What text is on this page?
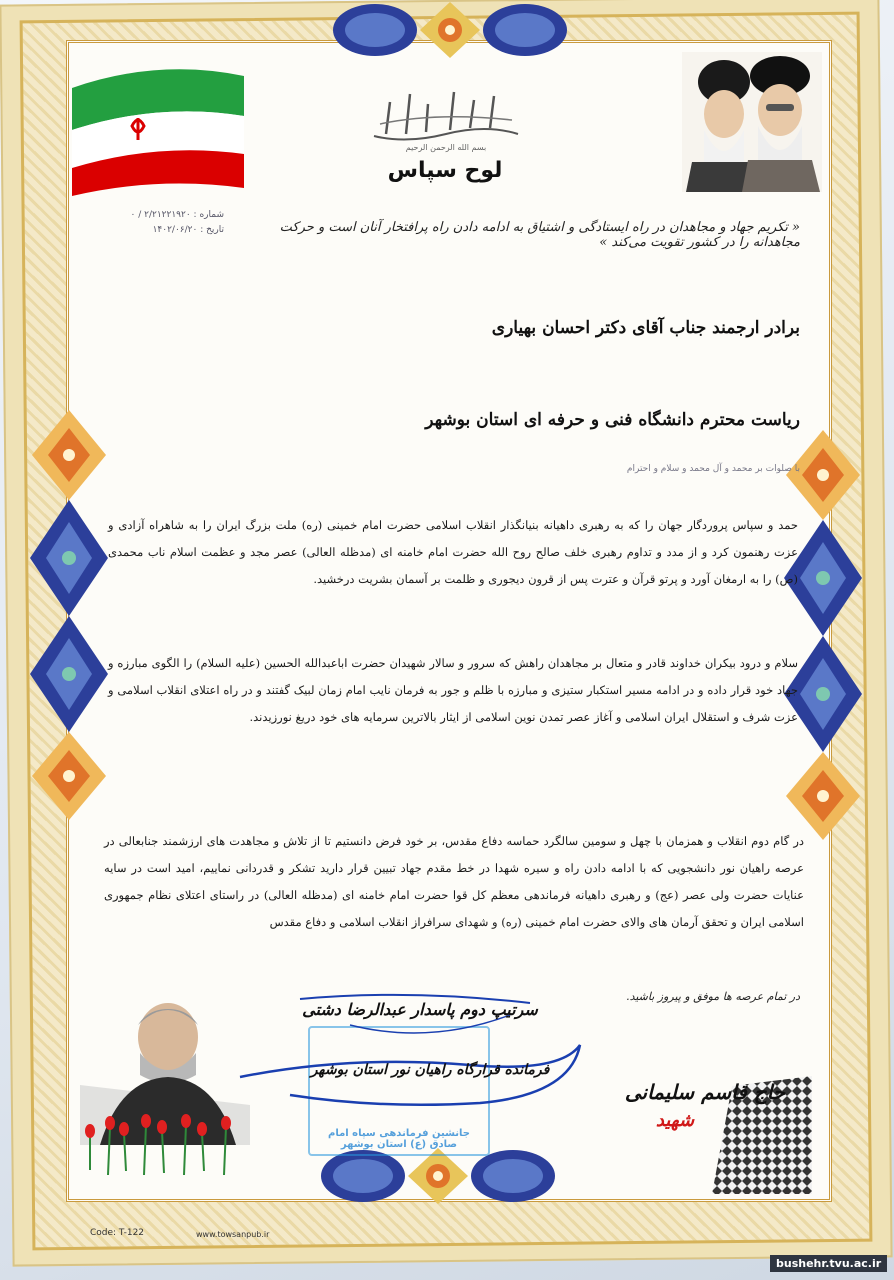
بسم الله الرحمن الرحیم
لوح سپاس
شماره : ۲/۲۱۲۲۱۹۲۰ / ۰
تاریخ : ۱۴۰۲/۰۶/۲۰	« تکریم جهاد و مجاهدان در راه ایستادگی و اشتیاق به ادامه دادن راه پرافتخار آنان است و حرکت مجاهدانه را در کشور تقویت می‌کند »
برادر ارجمند جناب آقای دکتر احسان بهیاری
ریاست محترم دانشگاه فنی و حرفه ای استان بوشهر
با صلوات بر محمد و آل محمد و سلام و احترام
حمد و سپاس پروردگار جهان را که به رهبری داهیانه بنیانگذار انقلاب اسلامی حضرت امام خمینی (ره) ملت بزرگ ایران را به شاهراه آزادی و عزت رهنمون کرد و از مدد و تداوم رهبری خلف صالح روح الله حضرت امام خامنه ای (مدظله العالی) عصر مجد و عظمت اسلام ناب محمدی (ص) را به ارمغان آورد و پرتو قرآن و عترت پس از قرون دیجوری و ظلمت بر آسمان بشریت درخشید.
سلام و درود بیکران خداوند قادر و متعال بر مجاهدان راهش که سرور و سالار شهیدان حضرت اباعبدالله الحسین (علیه السلام) را الگوی مبارزه و جهاد خود قرار داده و در ادامه مسیر استکبار ستیزی و مبارزه با ظلم و جور به فرمان نایب امام زمان لبیک گفتند و در راه اعتلای انقلاب اسلامی و عزت شرف و استقلال ایران اسلامی و آغاز عصر تمدن نوین اسلامی از ایثار بالاترین سرمایه های خود دریغ نورزیدند.
در گام دوم انقلاب و همزمان با چهل و سومین سالگرد حماسه دفاع مقدس، بر خود فرض دانستیم تا از تلاش و مجاهدت های ارزشمند جنابعالی در عرصه راهیان نور دانشجویی که با ادامه دادن راه و سیره شهدا در خط مقدم جهاد تبیین قرار دارید تشکر و قدردانی نماییم، امید است در سایه عنایات حضرت ولی عصر (عج) و رهبری داهیانه فرماندهی معظم کل قوا حضرت امام خامنه ای (مدظله العالی) در راستای اعتلای نظام جمهوری اسلامی ایران و تحقق آرمان های والای حضرت امام خمینی (ره) و شهدای سرافراز انقلاب اسلامی و دفاع مقدس
در تمام عرصه ها موفق و پیروز باشید.
جانشین فرماندهی سپاه امام صادق (ع) استان بوشهر
سرتیپ دوم پاسدار عبدالرضا دشتی
فرمانده قرارگاه راهیان نور استان بوشهر
حاج قاسم سلیمانی
شهید
Code: T-122	www.towsanpub.ir
bushehr.tvu.ac.ir
